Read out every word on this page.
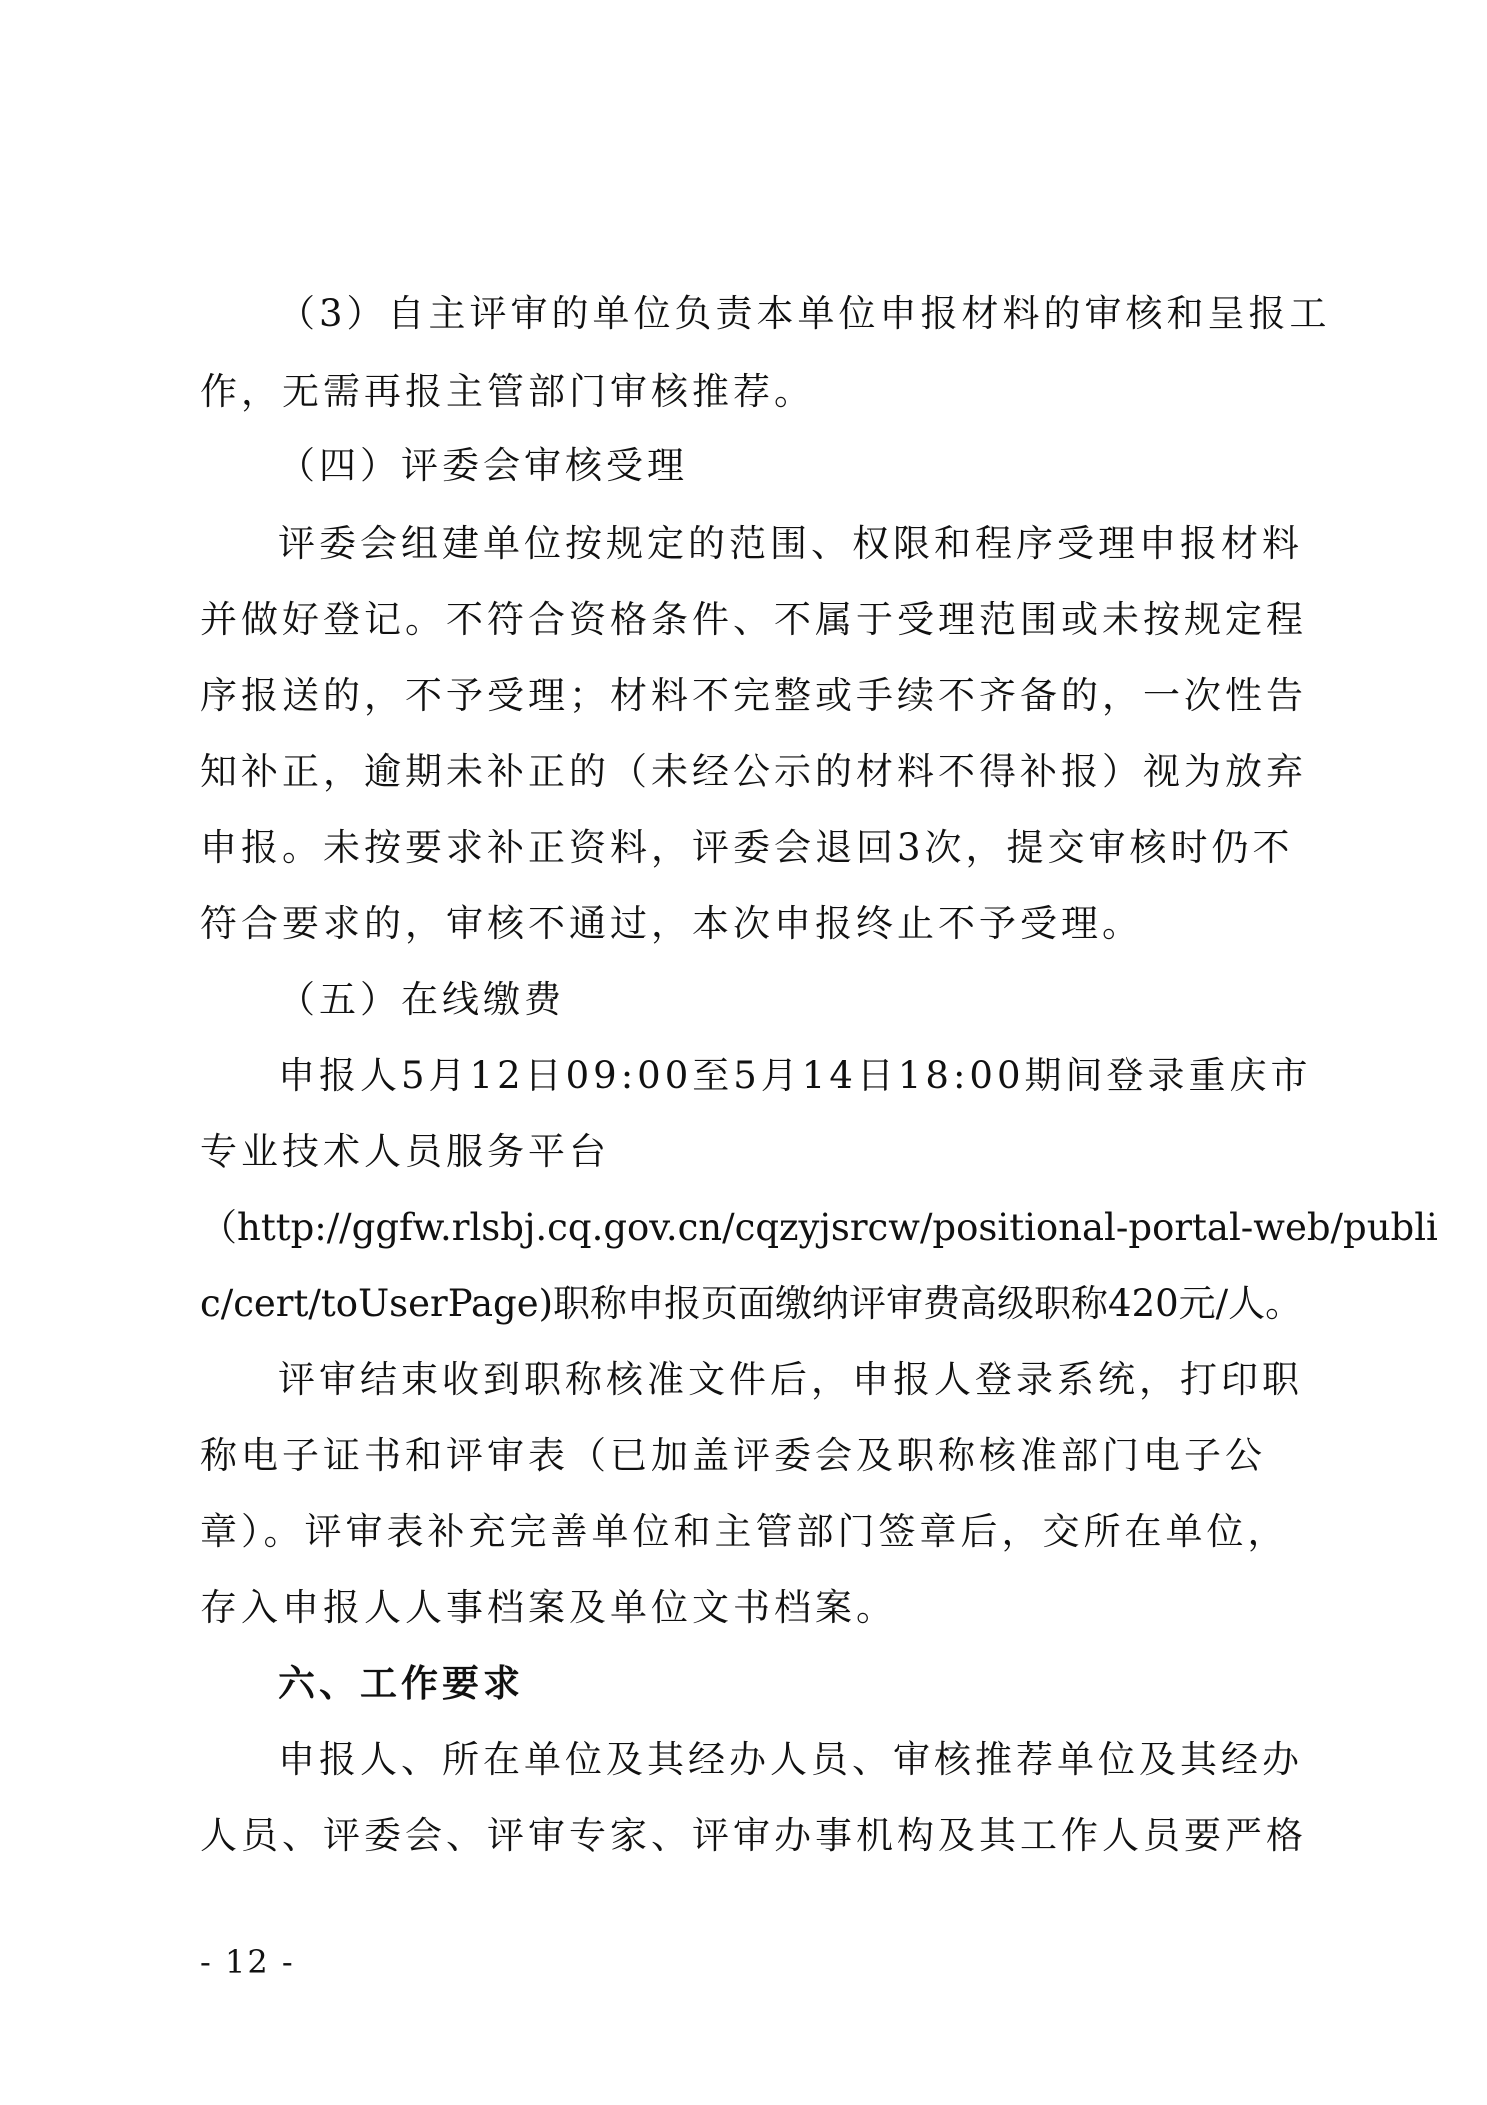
（3）自主评审的单位负责本单位申报材料的审核和呈报工
作，无需再报主管部门审核推荐。
（四）评委会审核受理
评委会组建单位按规定的范围、权限和程序受理申报材料
并做好登记。不符合资格条件、不属于受理范围或未按规定程
序报送的，不予受理；材料不完整或手续不齐备的，一次性告
知补正，逾期未补正的（未经公示的材料不得补报）视为放弃
申报。未按要求补正资料，评委会退回3次，提交审核时仍不
符合要求的，审核不通过，本次申报终止不予受理。
（五）在线缴费
申报人5月12日09:00至5月14日18:00期间登录重庆市
专业技术人员服务平台
（http://ggfw.rlsbj.cq.gov.cn/cqzyjsrcw/positional-portal-web/publi
c/cert/toUserPage)职称申报页面缴纳评审费高级职称420元/人。
评审结束收到职称核准文件后，申报人登录系统，打印职
称电子证书和评审表（已加盖评委会及职称核准部门电子公
章）。评审表补充完善单位和主管部门签章后，交所在单位，
存入申报人人事档案及单位文书档案。
六、工作要求
申报人、所在单位及其经办人员、审核推荐单位及其经办
人员、评委会、评审专家、评审办事机构及其工作人员要严格
- 12 -
